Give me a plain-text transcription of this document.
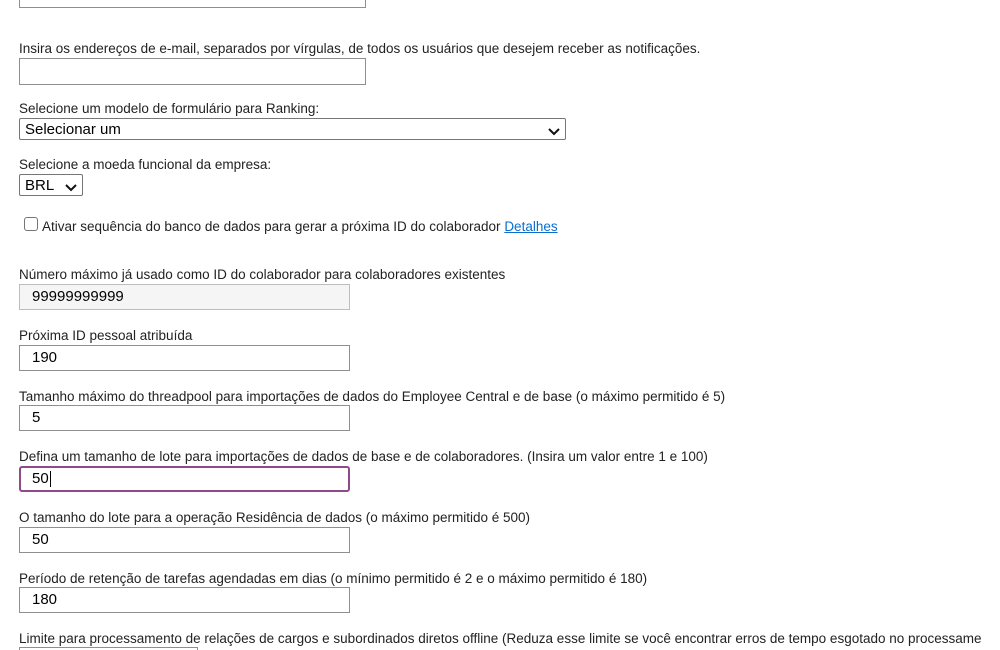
Insira os endereços de e-mail, separados por vírgulas, de todos os usuários que desejem receber as notificações.
Selecione um modelo de formulário para Ranking:
Selecionar um
Selecione a moeda funcional da empresa:
BRL
Ativar sequência do banco de dados para gerar a próxima ID do colaborador Detalhes
Número máximo já usado como ID do colaborador para colaboradores existentes
99999999999
Próxima ID pessoal atribuída
190
Tamanho máximo do threadpool para importações de dados do Employee Central e de base (o máximo permitido é 5)
5
Defina um tamanho de lote para importações de dados de base e de colaboradores. (Insira um valor entre 1 e 100)
50
O tamanho do lote para a operação Residência de dados (o máximo permitido é 500)
50
Período de retenção de tarefas agendadas em dias (o mínimo permitido é 2 e o máximo permitido é 180)
180
Limite para processamento de relações de cargos e subordinados diretos offline (Reduza esse limite se você encontrar erros de tempo esgotado no processame
